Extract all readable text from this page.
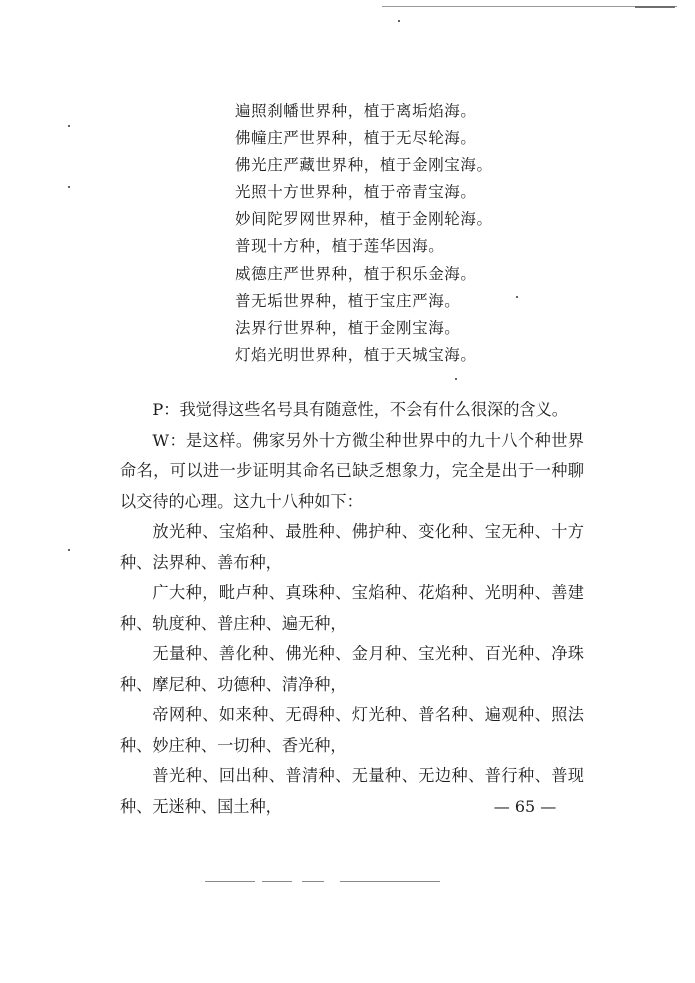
遍照刹幡世界种，植于离垢焰海。
佛幢庄严世界种，植于无尽轮海。
佛光庄严藏世界种，植于金刚宝海。
光照十方世界种，植于帝青宝海。
妙间陀罗网世界种，植于金刚轮海。
普现十方种，植于莲华因海。
威德庄严世界种，植于积乐金海。
普无垢世界种，植于宝庄严海。
法界行世界种，植于金刚宝海。
灯焰光明世界种，植于天城宝海。

P：我觉得这些名号具有随意性，不会有什么很深的含义。

W：是这样。佛家另外十方微尘种世界中的九十八个种世界命名，可以进一步证明其命名已缺乏想象力，完全是出于一种聊以交待的心理。这九十八种如下：

放光种、宝焰种、最胜种、佛护种、变化种、宝无种、十方种、法界种、善布种，

广大种，毗卢种、真珠种、宝焰种、花焰种、光明种、善建种、轨度种、普庄种、遍无种，

无量种、善化种、佛光种、金月种、宝光种、百光种、净珠种、摩尼种、功德种、清净种，

帝网种、如来种、无碍种、灯光种、普名种、遍观种、照法种、妙庄种、一切种、香光种，

普光种、回出种、普清种、无量种、无边种、普行种、普现种、无迷种、国土种，	— 65 —
